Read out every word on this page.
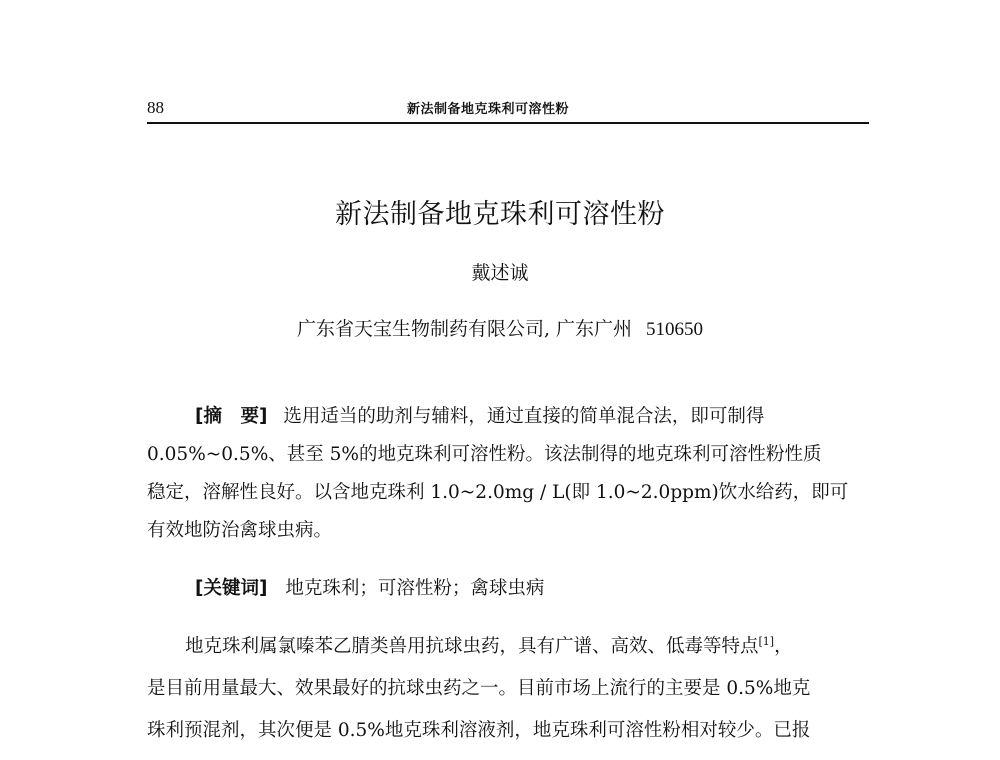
88	新法制备地克珠利可溶性粉
新法制备地克珠利可溶性粉
戴述诚
广东省天宝生物制药有限公司, 广东广州 510650
[摘　要] 选用适当的助剂与辅料，通过直接的简单混合法，即可制得
0.05%~0.5%、甚至 5%的地克珠利可溶性粉。该法制得的地克珠利可溶性粉性质
稳定，溶解性良好。以含地克珠利 1.0~2.0mg / L(即 1.0~2.0ppm)饮水给药，即可
有效地防治禽球虫病。
[关键词] 地克珠利；可溶性粉；禽球虫病
地克珠利属氯嗪苯乙腈类兽用抗球虫药，具有广谱、高效、低毒等特点[1]，
是目前用量最大、效果最好的抗球虫药之一。目前市场上流行的主要是 0.5%地克
珠利预混剂，其次便是 0.5%地克珠利溶液剂，地克珠利可溶性粉相对较少。已报
